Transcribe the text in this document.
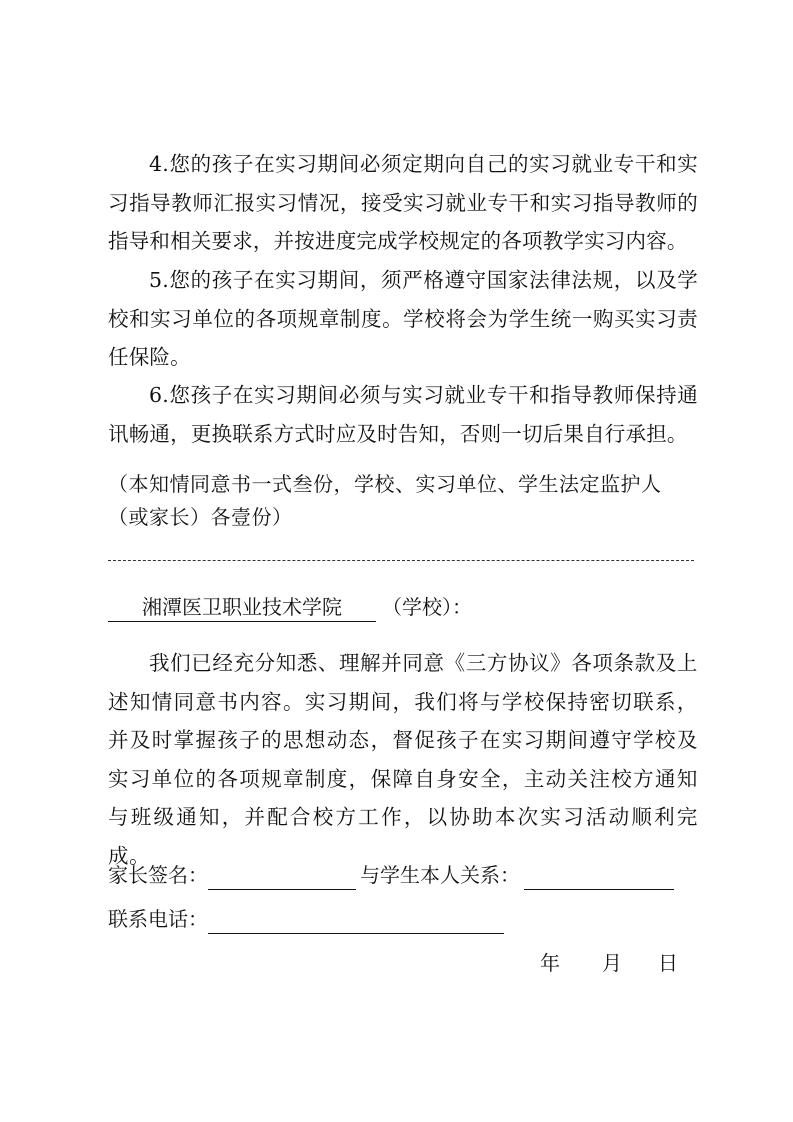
4.您的孩子在实习期间必须定期向自己的实习就业专干和实习指导教师汇报实习情况，接受实习就业专干和实习指导教师的指导和相关要求，并按进度完成学校规定的各项教学实习内容。

5.您的孩子在实习期间，须严格遵守国家法律法规，以及学校和实习单位的各项规章制度。学校将会为学生统一购买实习责任保险。

6.您孩子在实习期间必须与实习就业专干和指导教师保持通讯畅通，更换联系方式时应及时告知，否则一切后果自行承担。

（本知情同意书一式叁份，学校、实习单位、学生法定监护人（或家长）各壹份）

湘潭医卫职业技术学院 （学校）：

我们已经充分知悉、理解并同意《三方协议》各项条款及上述知情同意书内容。实习期间，我们将与学校保持密切联系，并及时掌握孩子的思想动态，督促孩子在实习期间遵守学校及实习单位的各项规章制度，保障自身安全，主动关注校方通知与班级通知，并配合校方工作，以协助本次实习活动顺利完成。

家长签名：	与学生本人关系：
联系电话：
年 月 日
